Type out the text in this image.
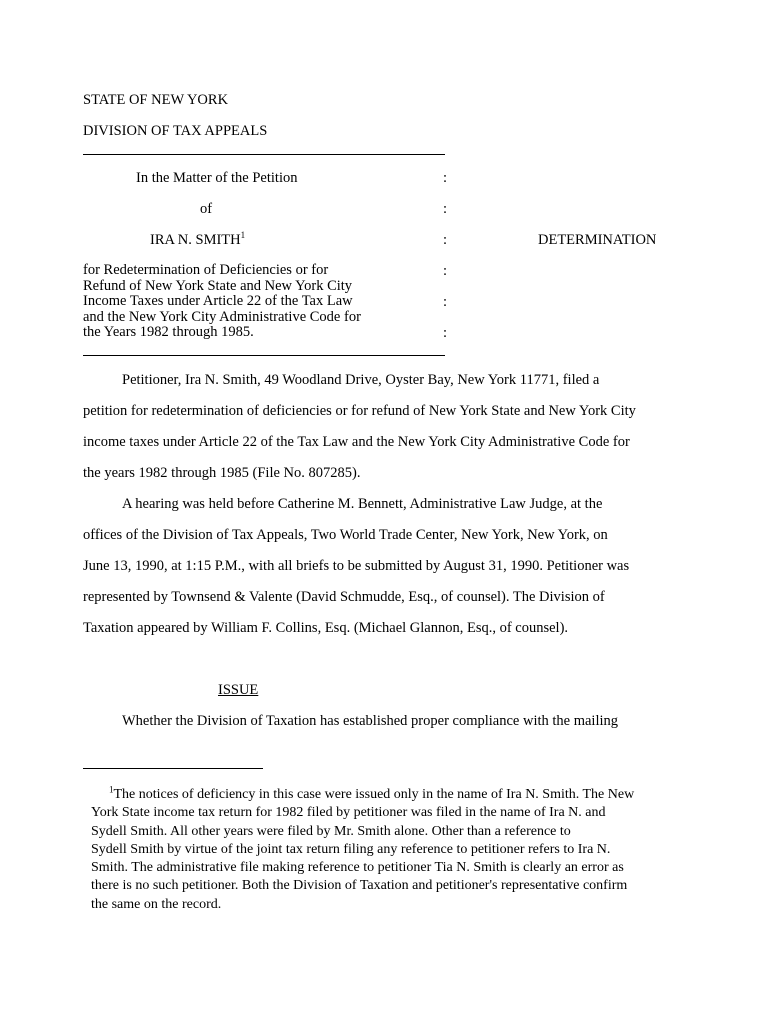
STATE OF NEW YORK
DIVISION OF TAX APPEALS
In the Matter of the Petition
of
IRA N. SMITH$^1$	DETERMINATION
for Redetermination of Deficiencies or for
Refund of New York State and New York City
Income Taxes under Article 22 of the Tax Law
and the New York City Administrative Code for
the Years 1982 through 1985.
:
:
:
:
:
:
Petitioner, Ira N. Smith, 49 Woodland Drive, Oyster Bay, New York 11771, filed a
petition for redetermination of deficiencies or for refund of New York State and New York City
income taxes under Article 22 of the Tax Law and the New York City Administrative Code for
the years 1982 through 1985 (File No. 807285).
A hearing was held before Catherine M. Bennett, Administrative Law Judge, at the
offices of the Division of Tax Appeals, Two World Trade Center, New York, New York, on
June 13, 1990, at 1:15 P.M., with all briefs to be submitted by August 31, 1990. Petitioner was
represented by Townsend & Valente (David Schmudde, Esq., of counsel). The Division of
Taxation appeared by William F. Collins, Esq. (Michael Glannon, Esq., of counsel).
ISSUE
Whether the Division of Taxation has established proper compliance with the mailing
$^1$The notices of deficiency in this case were issued only in the name of Ira N. Smith. The New
York State income tax return for 1982 filed by petitioner was filed in the name of Ira N. and
Sydell Smith. All other years were filed by Mr. Smith alone. Other than a reference to
Sydell Smith by virtue of the joint tax return filing any reference to petitioner refers to Ira N.
Smith. The administrative file making reference to petitioner Tia N. Smith is clearly an error as
there is no such petitioner. Both the Division of Taxation and petitioner's representative confirm
the same on the record.
